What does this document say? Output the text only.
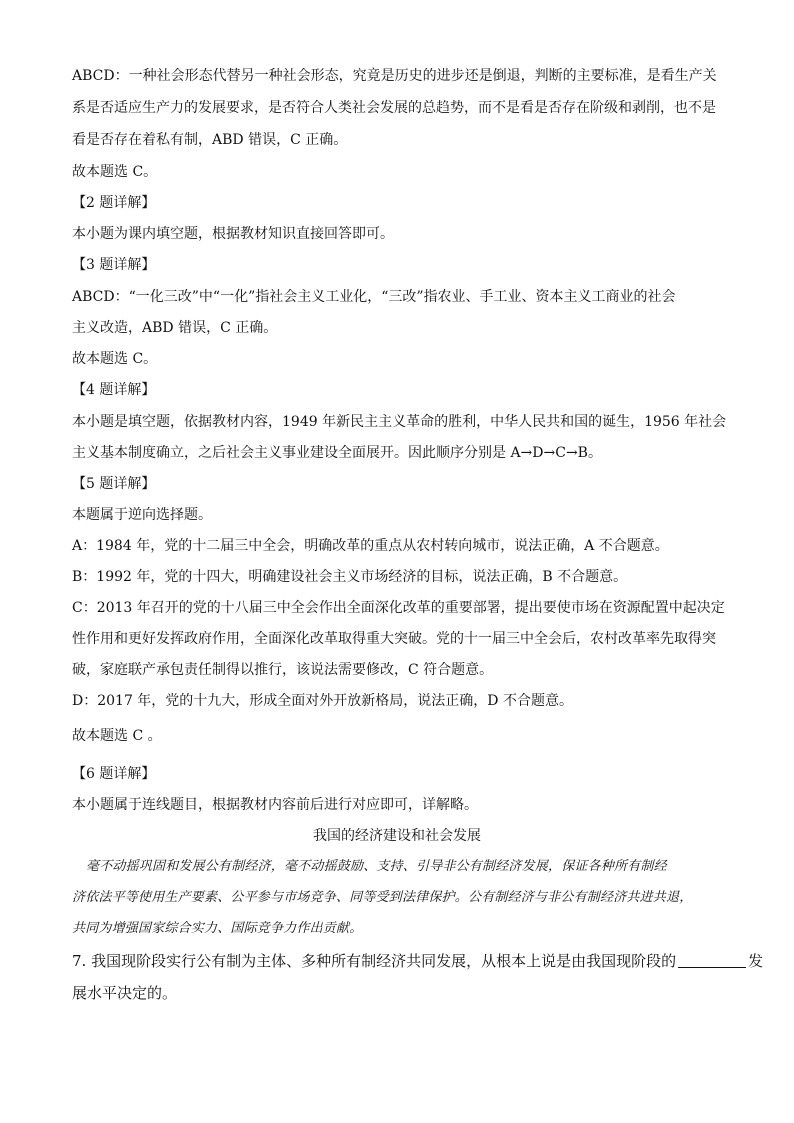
ABCD：一种社会形态代替另一种社会形态，究竟是历史的进步还是倒退，判断的主要标准，是看生产关
系是否适应生产力的发展要求，是否符合人类社会发展的总趋势，而不是看是否存在阶级和剥削，也不是
看是否存在着私有制，ABD 错误，C 正确。
故本题选 C。
【2 题详解】
本小题为课内填空题，根据教材知识直接回答即可。
【3 题详解】
ABCD：“一化三改”中“一化”指社会主义工业化，“三改”指农业、手工业、资本主义工商业的社会
主义改造，ABD 错误，C 正确。
故本题选 C。
【4 题详解】
本小题是填空题，依据教材内容，1949 年新民主主义革命的胜利，中华人民共和国的诞生，1956 年社会
主义基本制度确立，之后社会主义事业建设全面展开。因此顺序分别是 A→D→C→B。
【5 题详解】
本题属于逆向选择题。
A：1984 年，党的十二届三中全会，明确改革的重点从农村转向城市，说法正确，A 不合题意。
B：1992 年，党的十四大，明确建设社会主义市场经济的目标，说法正确，B 不合题意。
C：2013 年召开的党的十八届三中全会作出全面深化改革的重要部署，提出要使市场在资源配置中起决定
性作用和更好发挥政府作用，全面深化改革取得重大突破。党的十一届三中全会后，农村改革率先取得突
破，家庭联产承包责任制得以推行，该说法需要修改，C 符合题意。
D：2017 年，党的十九大，形成全面对外开放新格局，说法正确，D 不合题意。
故本题选 C 。
【6 题详解】
本小题属于连线题目，根据教材内容前后进行对应即可，详解略。
我国的经济建设和社会发展
毫不动摇巩固和发展公有制经济，毫不动摇鼓励、支持、引导非公有制经济发展，保证各种所有制经
济依法平等使用生产要素、公平参与市场竞争、同等受到法律保护。公有制经济与非公有制经济共进共退，
共同为增强国家综合实力、国际竞争力作出贡献。
7. 我国现阶段实行公有制为主体、多种所有制经济共同发展，从根本上说是由我国现阶段的	发
展水平决定的。
